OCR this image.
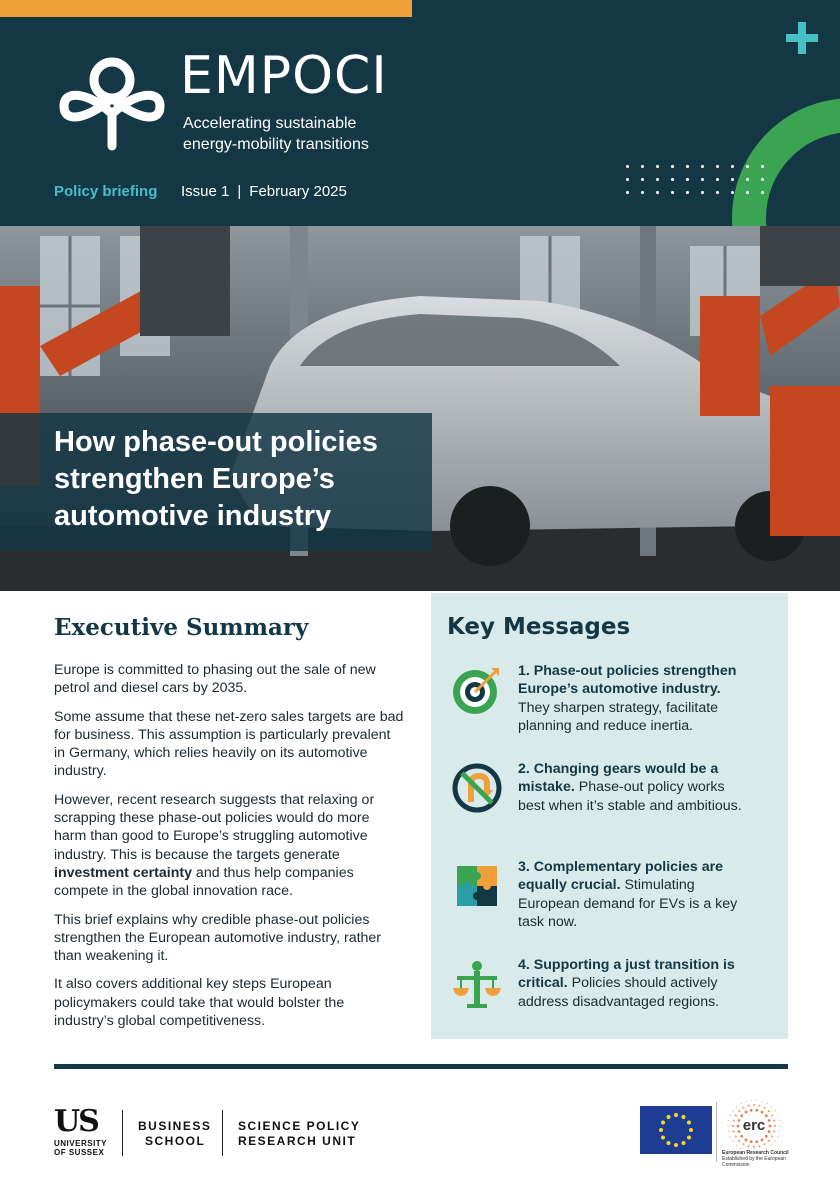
EMPOCI
Accelerating sustainable
energy-mobility transitions
Policy briefing Issue 1 | February 2025
How phase-out policies strengthen Europe’s automotive industry
Executive Summary

Europe is committed to phasing out the sale of new petrol and diesel cars by 2035.

Some assume that these net-zero sales targets are bad for business. This assumption is particularly prevalent in Germany, which relies heavily on its automotive industry.

However, recent research suggests that relaxing or scrapping these phase-out policies would do more harm than good to Europe’s struggling automotive industry. This is because the targets generate investment certainty and thus help companies compete in the global innovation race.

This brief explains why credible phase-out policies strengthen the European automotive industry, rather than weakening it.

It also covers additional key steps European policymakers could take that would bolster the industry’s global competitiveness.

Key Messages
1. Phase-out policies strengthen Europe’s automotive industry. They sharpen strategy, facilitate planning and reduce inertia.
2. Changing gears would be a mistake. Phase-out policy works best when it’s stable and ambitious.
3. Complementary policies are equally crucial. Stimulating European demand for EVs is a key task now.
4. Supporting a just transition is critical. Policies should actively address disadvantaged regions.
US
UNIVERSITY
OF SUSSEX
BUSINESS
SCHOOL
SCIENCE POLICY
RESEARCH UNIT
erc
European Research Council
Established by the European Commission
